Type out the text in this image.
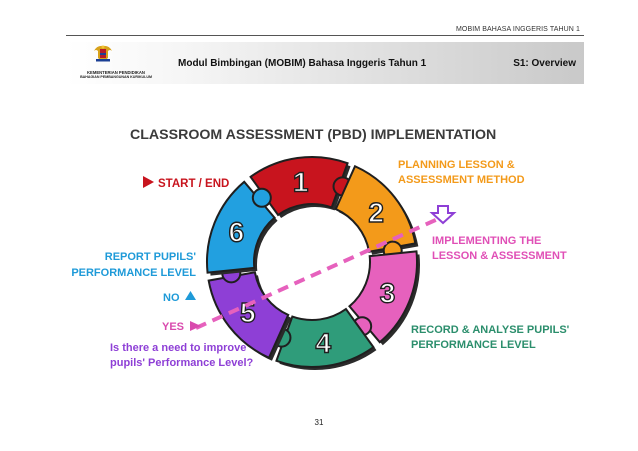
MOBIM BAHASA INGGERIS TAHUN 1
KEMENTERIAN PENDIDIKAN
BAHAGIAN PEMBANGUNAN KURIKULUM
Modul Bimbingan (MOBIM) Bahasa Inggeris Tahun 1	S1: Overview
CLASSROOM ASSESSMENT (PBD) IMPLEMENTATION
1
2
3
4
5
6
START / END
PLANNING LESSON &
ASSESSMENT METHOD
IMPLEMENTING THE
LESSON & ASSESSMENT
RECORD & ANALYSE PUPILS'
PERFORMANCE LEVEL
REPORT PUPILS'
PERFORMANCE LEVEL
NO
YES
Is there a need to improve
pupils' Performance Level?
31
